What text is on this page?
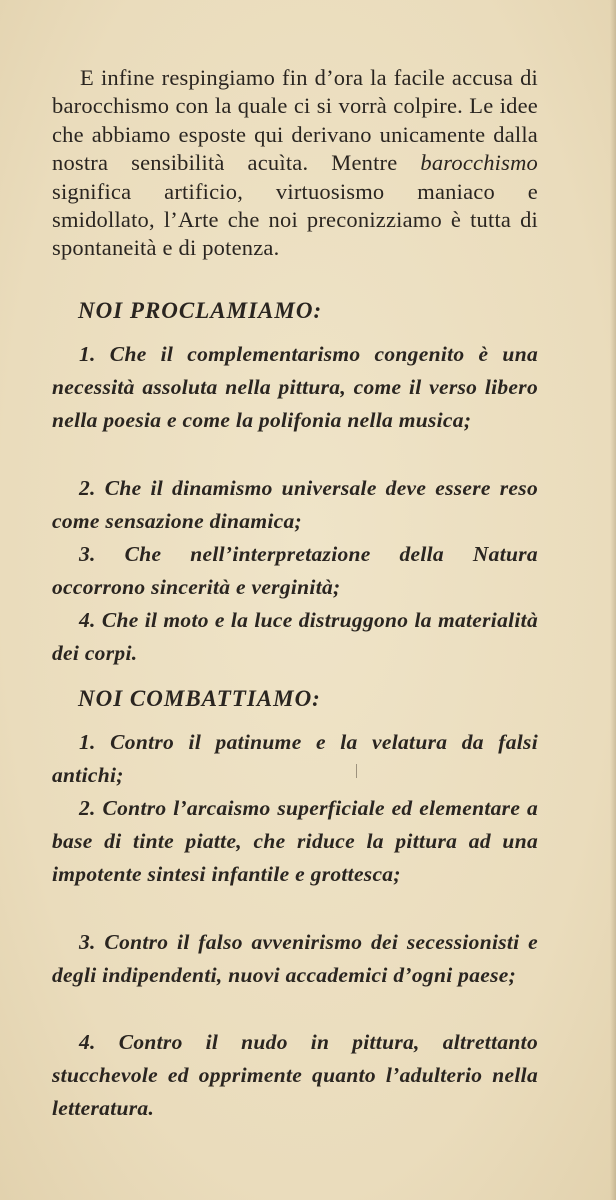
E infine respingiamo fin d’ora la facile accusa di barocchismo con la quale ci si vorrà colpire. Le idee che abbiamo esposte qui derivano unicamente dalla nostra sensibilità acuìta. Mentre barocchismo significa artificio, virtuosismo maniaco e smidollato, l’Arte che noi preconizziamo è tutta di spontaneità e di potenza.

NOI PROCLAMIAMO:

1. Che il complementarismo congenito è una necessità assoluta nella pittura, come il verso libero nella poesia e come la polifonia nella musica;

2. Che il dinamismo universale deve essere reso come sensazione dinamica;

3. Che nell’interpretazione della Natura occorrono sincerità e verginità;

4. Che il moto e la luce distruggono la materialità dei corpi.

NOI COMBATTIAMO:

1. Contro il patinume e la velatura da falsi antichi;

2. Contro l’arcaismo superficiale ed elementare a base di tinte piatte, che riduce la pittura ad una impotente sintesi infantile e grottesca;

3. Contro il falso avvenirismo dei secessionisti e degli indipendenti, nuovi accademici d’ogni paese;

4. Contro il nudo in pittura, altrettanto stucchevole ed opprimente quanto l’adulterio nella letteratura.
